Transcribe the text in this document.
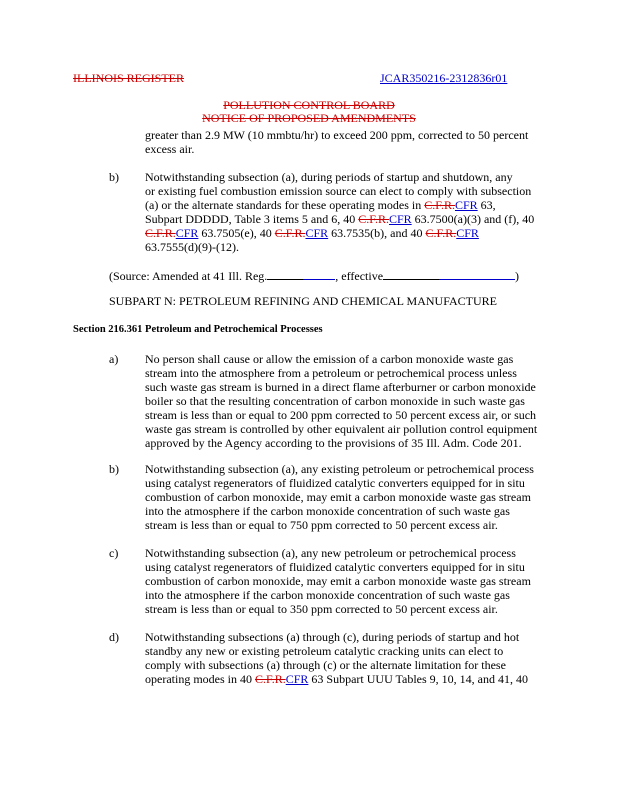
ILLINOIS REGISTER	JCAR350216-2312836r01
POLLUTION CONTROL BOARD
NOTICE OF PROPOSED AMENDMENTS
greater than 2.9 MW (10 mmbtu/hr) to exceed 200 ppm, corrected to 50 percent
excess air.
b) Notwithstanding subsection (a), during periods of startup and shutdown, any
or existing fuel combustion emission source can elect to comply with subsection
(a) or the alternate standards for these operating modes in C.F.R.CFR 63,
Subpart DDDDD, Table 3 items 5 and 6, 40 C.F.R.CFR 63.7500(a)(3) and (f), 40
C.F.R.CFR 63.7505(e), 40 C.F.R.CFR 63.7535(b), and 40 C.F.R.CFR
63.7555(d)(9)-(12).
(Source: Amended at 41 Ill. Reg.	, effective	)
SUBPART N: PETROLEUM REFINING AND CHEMICAL MANUFACTURE
Section 216.361 Petroleum and Petrochemical Processes
a) No person shall cause or allow the emission of a carbon monoxide waste gas
stream into the atmosphere from a petroleum or petrochemical process unless
such waste gas stream is burned in a direct flame afterburner or carbon monoxide
boiler so that the resulting concentration of carbon monoxide in such waste gas
stream is less than or equal to 200 ppm corrected to 50 percent excess air, or such
waste gas stream is controlled by other equivalent air pollution control equipment
approved by the Agency according to the provisions of 35 Ill. Adm. Code 201.
b) Notwithstanding subsection (a), any existing petroleum or petrochemical process
using catalyst regenerators of fluidized catalytic converters equipped for in situ
combustion of carbon monoxide, may emit a carbon monoxide waste gas stream
into the atmosphere if the carbon monoxide concentration of such waste gas
stream is less than or equal to 750 ppm corrected to 50 percent excess air.
c) Notwithstanding subsection (a), any new petroleum or petrochemical process
using catalyst regenerators of fluidized catalytic converters equipped for in situ
combustion of carbon monoxide, may emit a carbon monoxide waste gas stream
into the atmosphere if the carbon monoxide concentration of such waste gas
stream is less than or equal to 350 ppm corrected to 50 percent excess air.
d) Notwithstanding subsections (a) through (c), during periods of startup and hot
standby any new or existing petroleum catalytic cracking units can elect to
comply with subsections (a) through (c) or the alternate limitation for these
operating modes in 40 C.F.R.CFR 63 Subpart UUU Tables 9, 10, 14, and 41, 40
